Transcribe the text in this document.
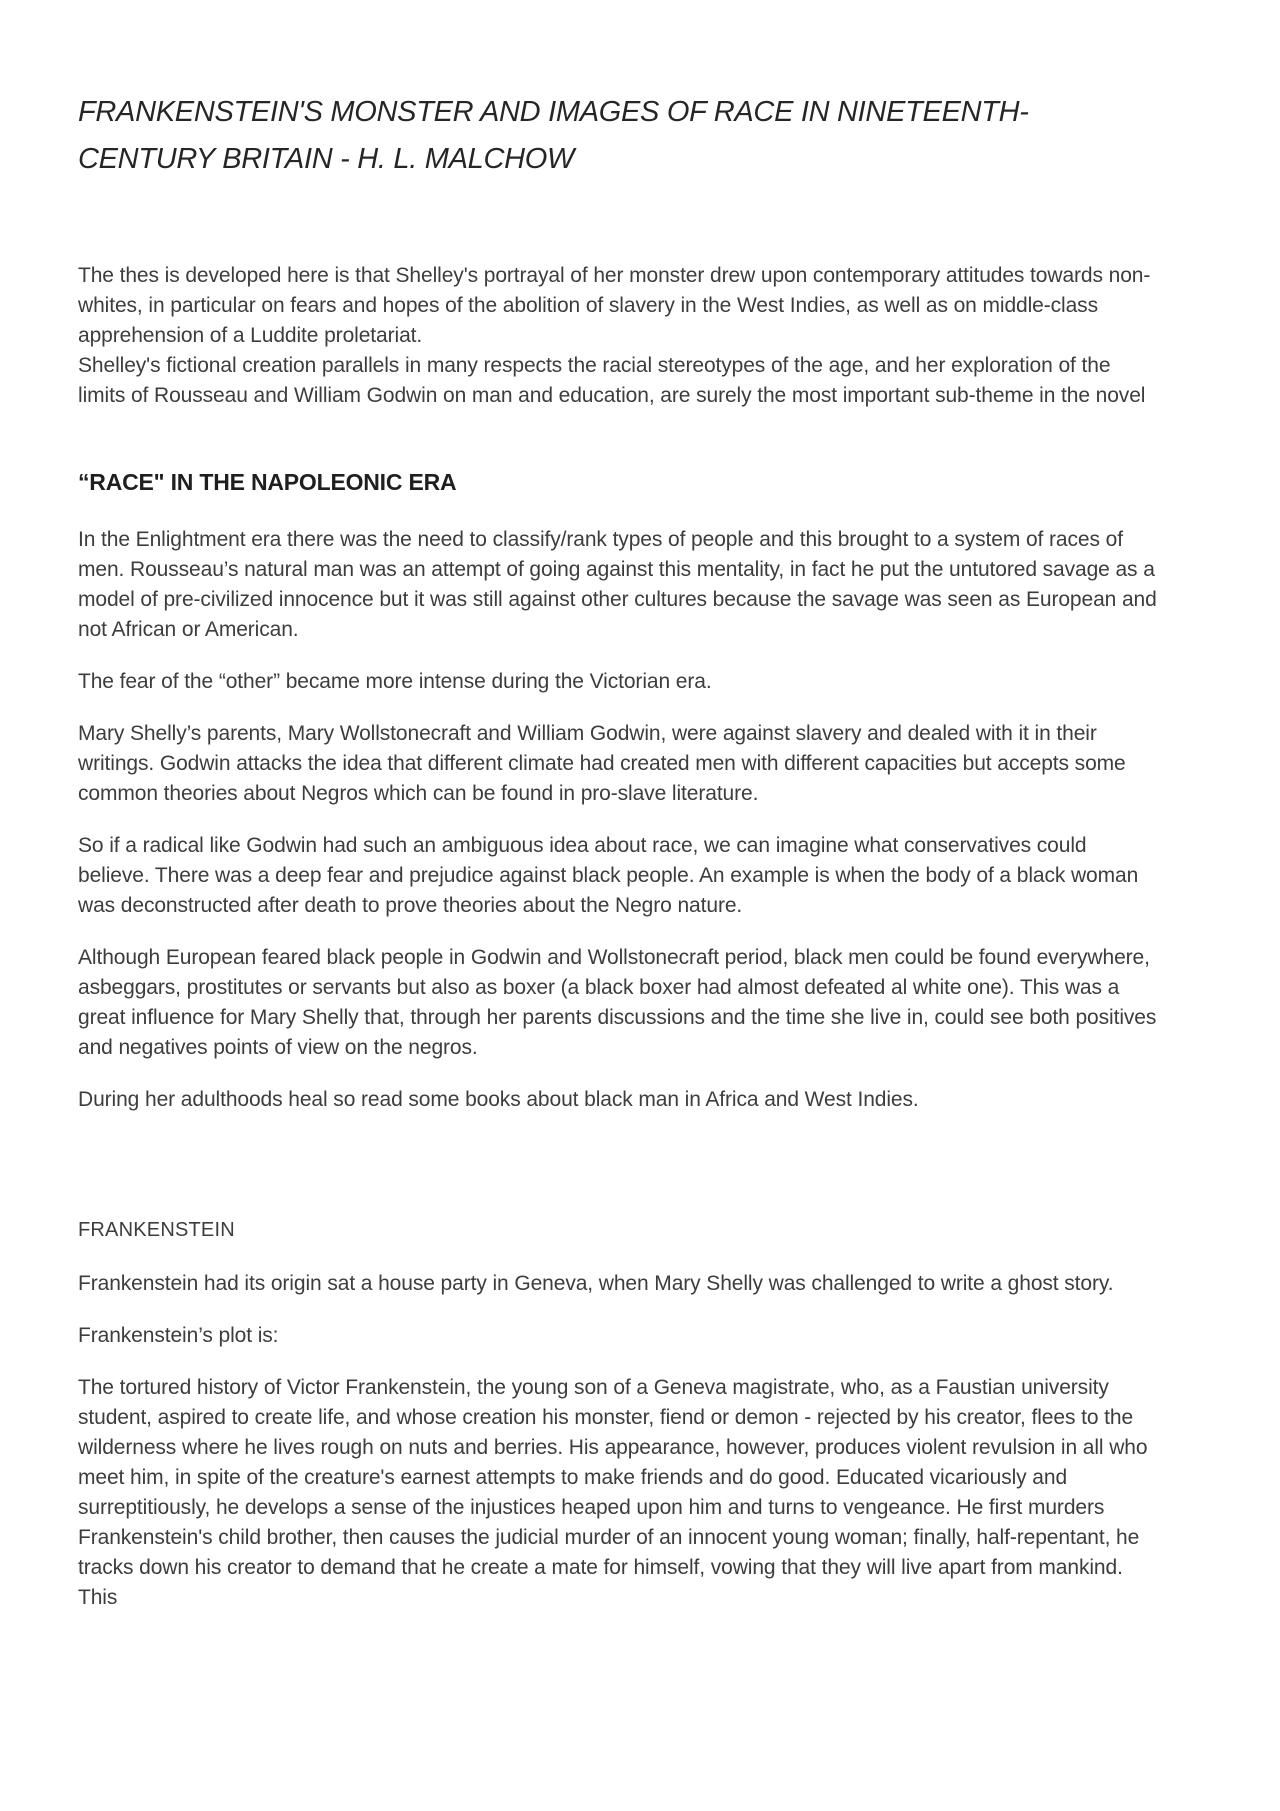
FRANKENSTEIN'S MONSTER AND IMAGES OF RACE IN NINETEENTH-CENTURY BRITAIN - H. L. MALCHOW

The thes is developed here is that Shelley's portrayal of her monster drew upon contemporary attitudes towards non-whites, in particular on fears and hopes of the abolition of slavery in the West Indies, as well as on middle-class apprehension of a Luddite proletariat.

Shelley's fictional creation parallels in many respects the racial stereotypes of the age, and her exploration of the limits of Rousseau and William Godwin on man and education, are surely the most important sub-theme in the novel

“RACE" IN THE NAPOLEONIC ERA

In the Enlightment era there was the need to classify/rank types of people and this brought to a system of races of men. Rousseau’s natural man was an attempt of going against this mentality, in fact he put the untutored savage as a model of pre-civilized innocence but it was still against other cultures because the savage was seen as European and not African or American.

The fear of the “other” became more intense during the Victorian era.

Mary Shelly’s parents, Mary Wollstonecraft and William Godwin, were against slavery and dealed with it in their writings. Godwin attacks the idea that different climate had created men with different capacities but accepts some common theories about Negros which can be found in pro-slave literature.

So if a radical like Godwin had such an ambiguous idea about race, we can imagine what conservatives could believe. There was a deep fear and prejudice against black people. An example is when the body of a black woman was deconstructed after death to prove theories about the Negro nature.

Although European feared black people in Godwin and Wollstonecraft period, black men could be found everywhere, asbeggars, prostitutes or servants but also as boxer (a black boxer had almost defeated al white one). This was a great influence for Mary Shelly that, through her parents discussions and the time she live in, could see both positives and negatives points of view on the negros.

During her adulthoods heal so read some books about black man in Africa and West Indies.

FRANKENSTEIN

Frankenstein had its origin sat a house party in Geneva, when Mary Shelly was challenged to write a ghost story.

Frankenstein’s plot is:

The tortured history of Victor Frankenstein, the young son of a Geneva magistrate, who, as a Faustian university student, aspired to create life, and whose creation his monster, fiend or demon - rejected by his creator, flees to the wilderness where he lives rough on nuts and berries. His appearance, however, produces violent revulsion in all who meet him, in spite of the creature's earnest attempts to make friends and do good. Educated vicariously and surreptitiously, he develops a sense of the injustices heaped upon him and turns to vengeance. He first murders Frankenstein's child brother, then causes the judicial murder of an innocent young woman; finally, half-repentant, he tracks down his creator to demand that he create a mate for himself, vowing that they will live apart from mankind. This
